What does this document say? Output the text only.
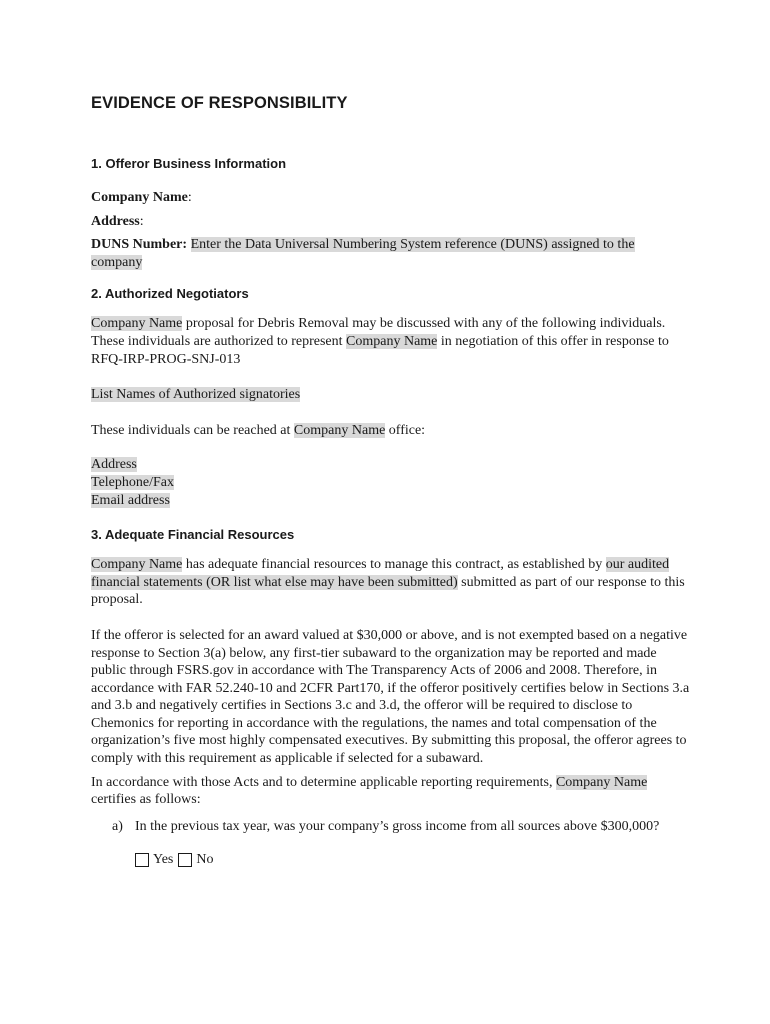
EVIDENCE OF RESPONSIBILITY
1. Offeror Business Information

Company Name:

Address:

DUNS Number: Enter the Data Universal Numbering System reference (DUNS) assigned to the
company

2. Authorized Negotiators

Company Name proposal for Debris Removal may be discussed with any of the following individuals. These individuals are authorized to represent Company Name in negotiation of this offer in response to RFQ-IRP-PROG-SNJ-013

List Names of Authorized signatories

These individuals can be reached at Company Name office:

Address
Telephone/Fax
Email address

3. Adequate Financial Resources

Company Name has adequate financial resources to manage this contract, as established by our audited financial statements (OR list what else may have been submitted) submitted as part of our response to this proposal.

If the offeror is selected for an award valued at $30,000 or above, and is not exempted based on a negative response to Section 3(a) below, any first-tier subaward to the organization may be reported and made public through FSRS.gov in accordance with The Transparency Acts of 2006 and 2008. Therefore, in accordance with FAR 52.240-10 and 2CFR Part170, if the offeror positively certifies below in Sections 3.a and 3.b and negatively certifies in Sections 3.c and 3.d, the offeror will be required to disclose to Chemonics for reporting in accordance with the regulations, the names and total compensation of the organization’s five most highly compensated executives. By submitting this proposal, the offeror agrees to comply with this requirement as applicable if selected for a subaward.

In accordance with those Acts and to determine applicable reporting requirements, Company Name certifies as follows:

a) In the previous tax year, was your company’s gross income from all sources above $300,000?

Yes No
